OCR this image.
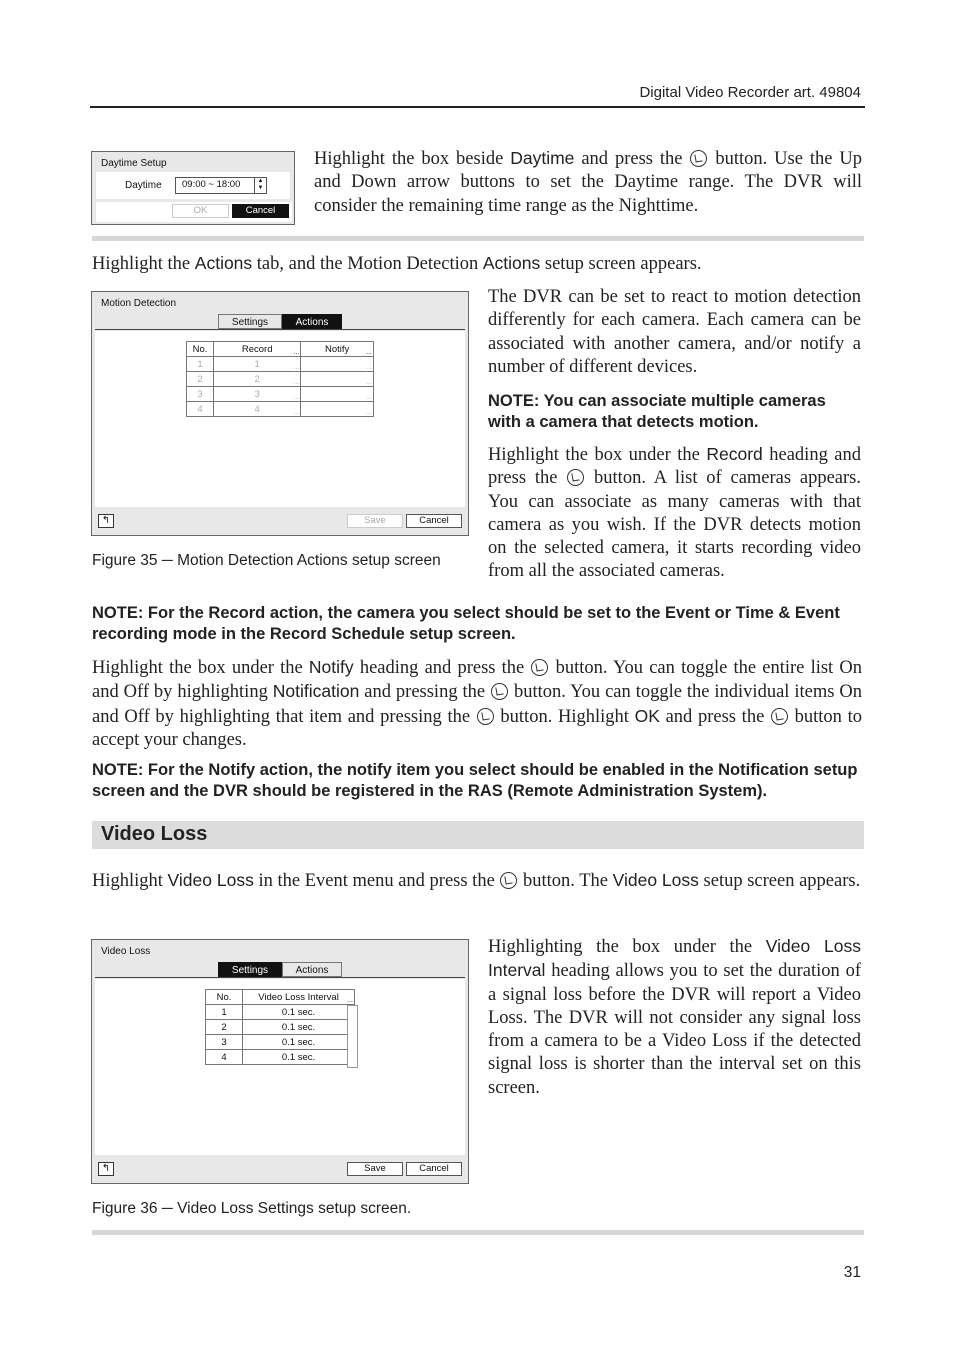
Digital Video Recorder art. 49804
Daytime Setup
Daytime 09:00 ~ 18:00	▲
▼
OK	Cancel
Highlight the box beside Daytime and press the  button. Use the Up and Down arrow buttons to set the Daytime range. The DVR will consider the remaining time range as the Nighttime.
Highlight the Actions tab, and the Motion Detection Actions setup screen appears.
Motion Detection
Settings	Actions
No.	Record ...	Notify ...

1	1 ...	...

2	2 ...	...

3	3 ...	...

4	4 ...	...
↰	Save	Cancel
Figure 35 ─ Motion Detection Actions setup screen
The DVR can be set to react to motion detection differently for each camera. Each camera can be associated with another camera, and/or notify a number of different devices.
NOTE: You can associate multiple cameras with a camera that detects motion.
Highlight the box under the Record heading and press the  button. A list of cameras appears. You can associate as many cameras with that camera as you wish. If the DVR detects motion on the selected camera, it starts recording video from all the associated cameras.
NOTE: For the Record action, the camera you select should be set to the Event or Time & Event recording mode in the Record Schedule setup screen.
Highlight the box under the Notify heading and press the  button. You can toggle the entire list On and Off by highlighting Notification and pressing the  button. You can toggle the individual items On and Off by highlighting that item and pressing the  button. Highlight OK and press the  button to accept your changes.
NOTE: For the Notify action, the notify item you select should be enabled in the Notification setup screen and the DVR should be registered in the RAS (Remote Administration System).
Video Loss
Highlight Video Loss in the Event menu and press the  button. The Video Loss setup screen appears.
Video Loss
Settings	Actions
No.	Video Loss Interval ...

1	0.1 sec.

2	0.1 sec.

3	0.1 sec.

4	0.1 sec.
↰	Save	Cancel
Figure 36 ─ Video Loss Settings setup screen.
Highlighting the box under the Video Loss Interval heading allows you to set the duration of a signal loss before the DVR will report a Video Loss. The DVR will not consider any signal loss from a camera to be a Video Loss if the detected signal loss is shorter than the interval set on this screen.
31
